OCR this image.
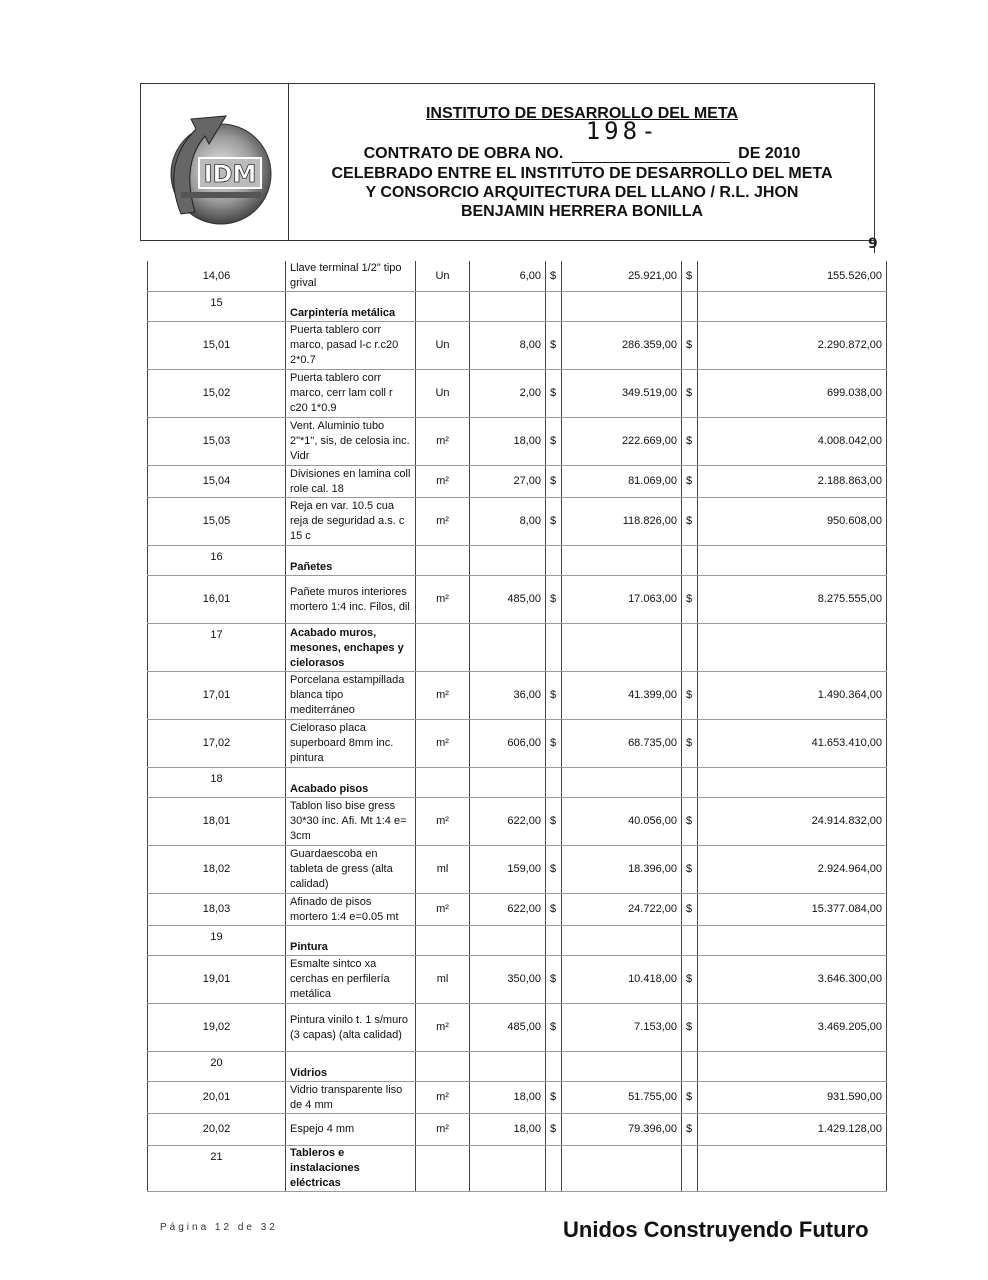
IDM
INSTITUTO DE DESARROLLO DEL META
CONTRATO DE OBRA NO.
198-
DE 2010
CELEBRADO ENTRE EL INSTITUTO DE DESARROLLO DEL META
Y CONSORCIO ARQUITECTURA DEL LLANO / R.L. JHON
BENJAMIN HERRERA BONILLA
9
14,06	Llave terminal 1/2" tipo grival	Un	6,00	$	25.921,00	$	155.526,00
15	Carpintería metálica						
15,01	Puerta tablero corr marco, pasad l-c r.c20 2*0.7	Un	8,00	$	286.359,00	$	2.290.872,00
15,02	Puerta tablero corr marco, cerr lam coll r c20 1*0.9	Un	2,00	$	349.519,00	$	699.038,00
15,03	Vent. Aluminio tubo 2"*1", sis, de celosia inc. Vidr	m²	18,00	$	222.669,00	$	4.008.042,00
15,04	Divisiones en lamina coll role cal. 18	m²	27,00	$	81.069,00	$	2.188.863,00
15,05	Reja en var. 10.5 cua reja de seguridad a.s. c 15 c	m²	8,00	$	118.826,00	$	950.608,00
16	Pañetes						
16,01	Pañete muros interiores mortero 1:4 inc. Filos, dil	m²	485,00	$	17.063,00	$	8.275.555,00
17	Acabado muros, mesones, enchapes y cielorasos						
17,01	Porcelana estampillada blanca tipo mediterráneo	m²	36,00	$	41.399,00	$	1.490.364,00
17,02	Cieloraso placa superboard 8mm inc. pintura	m²	606,00	$	68.735,00	$	41.653.410,00
18	Acabado pisos						
18,01	Tablon liso bise gress 30*30 inc. Afi. Mt 1:4 e= 3cm	m²	622,00	$	40.056,00	$	24.914.832,00
18,02	Guardaescoba en tableta de gress (alta calidad)	ml	159,00	$	18.396,00	$	2.924.964,00
18,03	Afinado de pisos mortero 1:4 e=0.05 mt	m²	622,00	$	24.722,00	$	15.377.084,00
19	Pintura						
19,01	Esmalte sintco xa cerchas en perfilería metálica	ml	350,00	$	10.418,00	$	3.646.300,00
19,02	Pintura vinilo t. 1 s/muro (3 capas) (alta calidad)	m²	485,00	$	7.153,00	$	3.469.205,00
20	Vidrios						
20,01	Vidrio transparente liso de 4 mm	m²	18,00	$	51.755,00	$	931.590,00
20,02	Espejo 4 mm	m²	18,00	$	79.396,00	$	1.429.128,00
21	Tableros e instalaciones eléctricas						
Página 12 de 32	Unidos Construyendo Futuro
